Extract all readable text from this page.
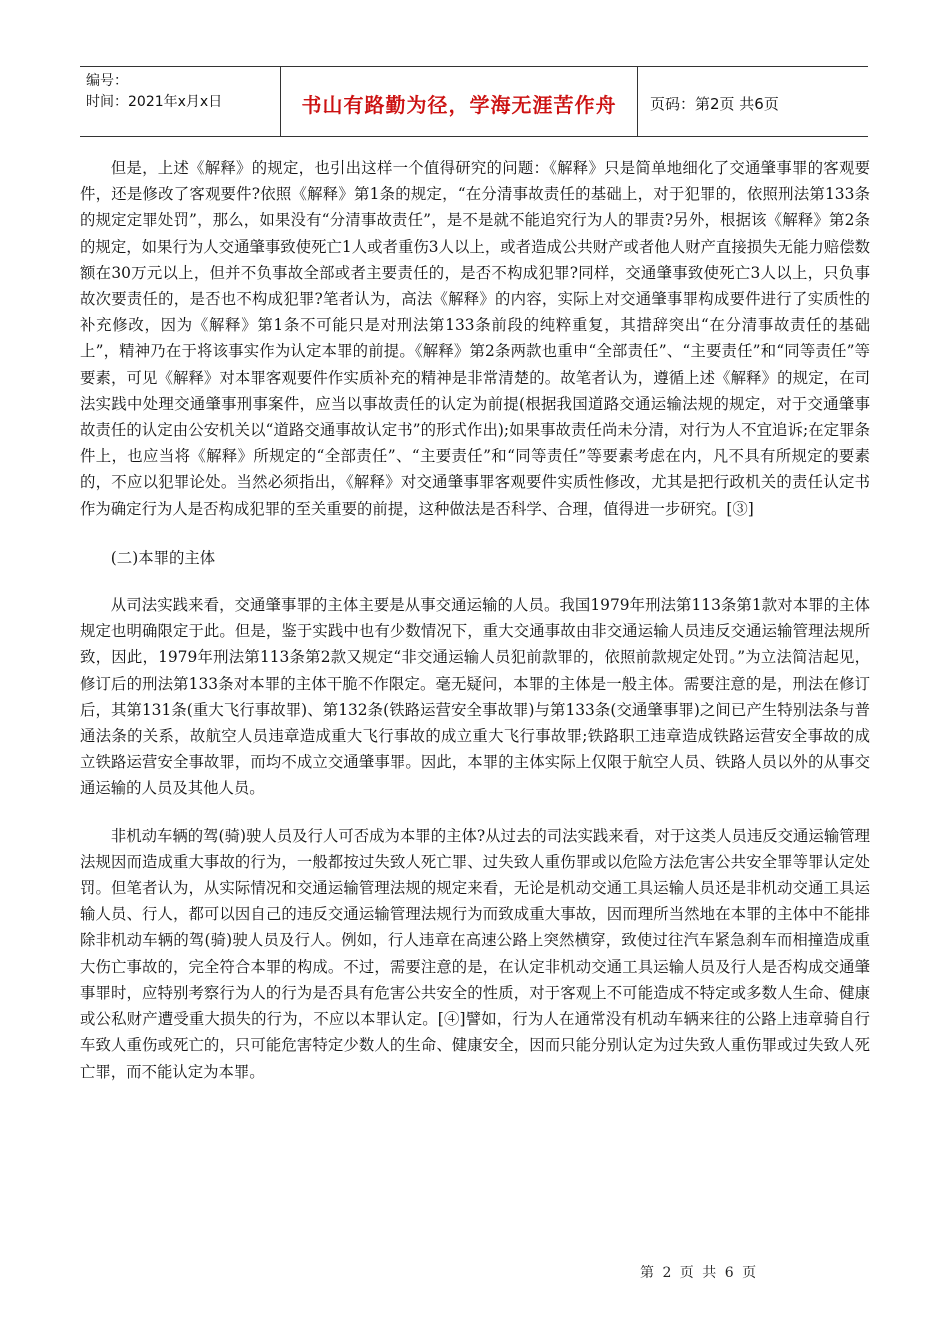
编号：
时间：2021年x月x日	书山有路勤为径，学海无涯苦作舟	页码：第2页 共6页

但是，上述《解释》的规定，也引出这样一个值得研究的问题：《解释》只是简单地细化了交通肇事罪的客观要件，还是修改了客观要件?依照《解释》第1条的规定，“在分清事故责任的基础上，对于犯罪的，依照刑法第133条的规定定罪处罚”，那么，如果没有“分清事故责任”，是不是就不能追究行为人的罪责?另外，根据该《解释》第2条的规定，如果行为人交通肇事致使死亡1人或者重伤3人以上，或者造成公共财产或者他人财产直接损失无能力赔偿数额在30万元以上，但并不负事故全部或者主要责任的，是否不构成犯罪?同样，交通肇事致使死亡3人以上，只负事故次要责任的，是否也不构成犯罪?笔者认为，高法《解释》的内容，实际上对交通肇事罪构成要件进行了实质性的补充修改，因为《解释》第1条不可能只是对刑法第133条前段的纯粹重复，其措辞突出“在分清事故责任的基础上”，精神乃在于将该事实作为认定本罪的前提。《解释》第2条两款也重申“全部责任”、“主要责任”和“同等责任”等要素，可见《解释》对本罪客观要件作实质补充的精神是非常清楚的。故笔者认为，遵循上述《解释》的规定，在司法实践中处理交通肇事刑事案件，应当以事故责任的认定为前提(根据我国道路交通运输法规的规定，对于交通肇事故责任的认定由公安机关以“道路交通事故认定书”的形式作出);如果事故责任尚未分清，对行为人不宜追诉;在定罪条件上，也应当将《解释》所规定的“全部责任”、“主要责任”和“同等责任”等要素考虑在内，凡不具有所规定的要素的，不应以犯罪论处。当然必须指出，《解释》对交通肇事罪客观要件实质性修改，尤其是把行政机关的责任认定书作为确定行为人是否构成犯罪的至关重要的前提，这种做法是否科学、合理，值得进一步研究。[③]

(二)本罪的主体

从司法实践来看，交通肇事罪的主体主要是从事交通运输的人员。我国1979年刑法第113条第1款对本罪的主体规定也明确限定于此。但是，鉴于实践中也有少数情况下，重大交通事故由非交通运输人员违反交通运输管理法规所致，因此，1979年刑法第113条第2款又规定“非交通运输人员犯前款罪的，依照前款规定处罚。”为立法简洁起见，修订后的刑法第133条对本罪的主体干脆不作限定。毫无疑问，本罪的主体是一般主体。需要注意的是，刑法在修订后，其第131条(重大飞行事故罪)、第132条(铁路运营安全事故罪)与第133条(交通肇事罪)之间已产生特别法条与普通法条的关系，故航空人员违章造成重大飞行事故的成立重大飞行事故罪;铁路职工违章造成铁路运营安全事故的成立铁路运营安全事故罪，而均不成立交通肇事罪。因此，本罪的主体实际上仅限于航空人员、铁路人员以外的从事交通运输的人员及其他人员。

非机动车辆的驾(骑)驶人员及行人可否成为本罪的主体?从过去的司法实践来看，对于这类人员违反交通运输管理法规因而造成重大事故的行为，一般都按过失致人死亡罪、过失致人重伤罪或以危险方法危害公共安全罪等罪认定处罚。但笔者认为，从实际情况和交通运输管理法规的规定来看，无论是机动交通工具运输人员还是非机动交通工具运输人员、行人，都可以因自己的违反交通运输管理法规行为而致成重大事故，因而理所当然地在本罪的主体中不能排除非机动车辆的驾(骑)驶人员及行人。例如，行人违章在高速公路上突然横穿，致使过往汽车紧急刹车而相撞造成重大伤亡事故的，完全符合本罪的构成。不过，需要注意的是，在认定非机动交通工具运输人员及行人是否构成交通肇事罪时，应特别考察行为人的行为是否具有危害公共安全的性质，对于客观上不可能造成不特定或多数人生命、健康或公私财产遭受重大损失的行为，不应以本罪认定。[④]譬如，行为人在通常没有机动车辆来往的公路上违章骑自行车致人重伤或死亡的，只可能危害特定少数人的生命、健康安全，因而只能分别认定为过失致人重伤罪或过失致人死亡罪，而不能认定为本罪。

第 2 页 共 6 页
